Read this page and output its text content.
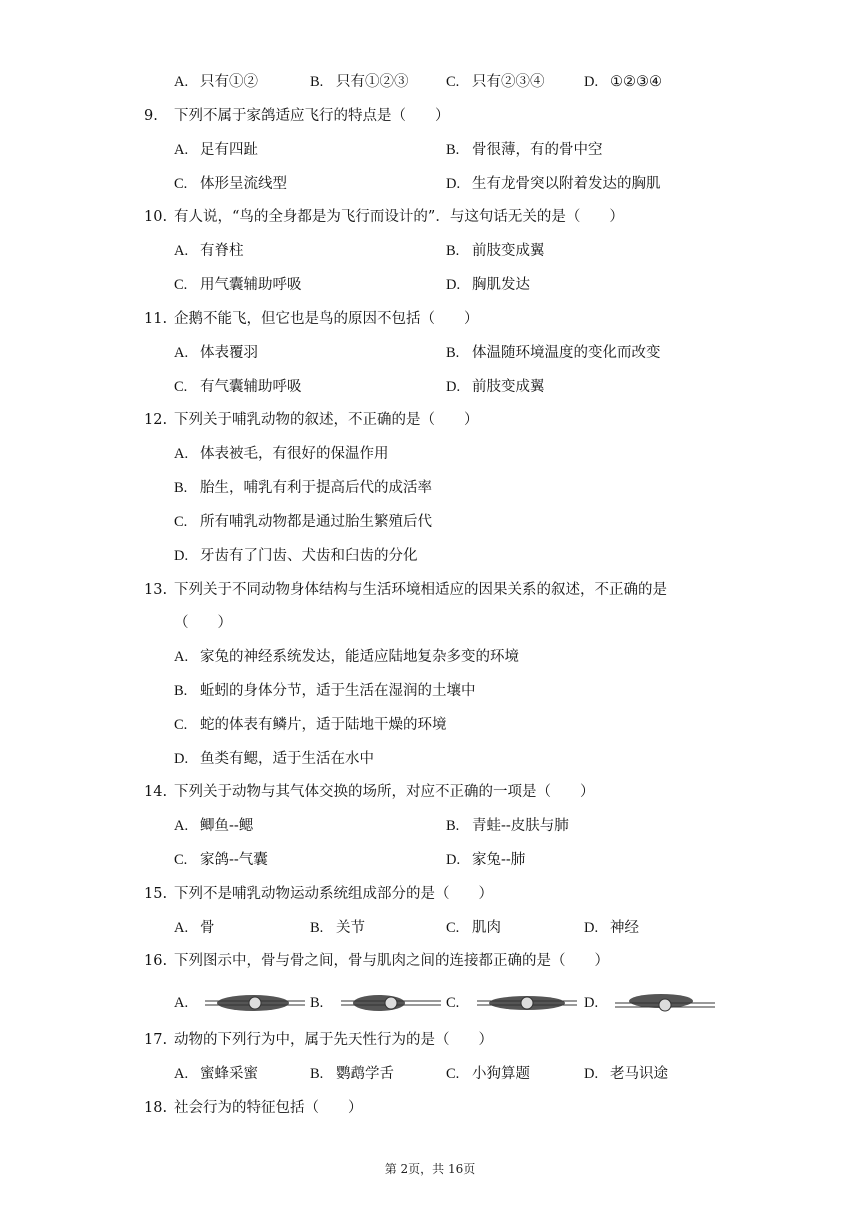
A. 只有①②	B. 只有①②③	C. 只有②③④	D. ①②③④
9. 下列不属于家鸽适应飞行的特点是（　　）
A. 足有四趾	B. 骨很薄，有的骨中空
C. 体形呈流线型	D. 生有龙骨突以附着发达的胸肌
10. 有人说，“鸟的全身都是为飞行而设计的”．与这句话无关的是（　　）
A. 有脊柱	B. 前肢变成翼
C. 用气囊辅助呼吸	D. 胸肌发达
11. 企鹅不能飞，但它也是鸟的原因不包括（　　）
A. 体表覆羽	B. 体温随环境温度的变化而改变
C. 有气囊辅助呼吸	D. 前肢变成翼
12. 下列关于哺乳动物的叙述，不正确的是（　　）
A. 体表被毛，有很好的保温作用
B. 胎生，哺乳有利于提高后代的成活率
C. 所有哺乳动物都是通过胎生繁殖后代
D. 牙齿有了门齿、犬齿和臼齿的分化
13. 下列关于不同动物身体结构与生活环境相适应的因果关系的叙述，不正确的是
（　　）
A. 家兔的神经系统发达，能适应陆地复杂多变的环境
B. 蚯蚓的身体分节，适于生活在湿润的土壤中
C. 蛇的体表有鳞片，适于陆地干燥的环境
D. 鱼类有鳃，适于生活在水中
14. 下列关于动物与其气体交换的场所，对应不正确的一项是（　　）
A. 鲫鱼--鳃	B. 青蛙--皮肤与肺
C. 家鸽--气囊	D. 家兔--肺
15. 下列不是哺乳动物运动系统组成部分的是（　　）
A. 骨	B. 关节	C. 肌肉	D. 神经
16. 下列图示中，骨与骨之间，骨与肌肉之间的连接都正确的是（　　）
A.	B.	C.	D.
17. 动物的下列行为中，属于先天性行为的是（　　）
A. 蜜蜂采蜜	B. 鹦鹉学舌	C. 小狗算题	D. 老马识途
18. 社会行为的特征包括（　　）
第 2页，共 16页
